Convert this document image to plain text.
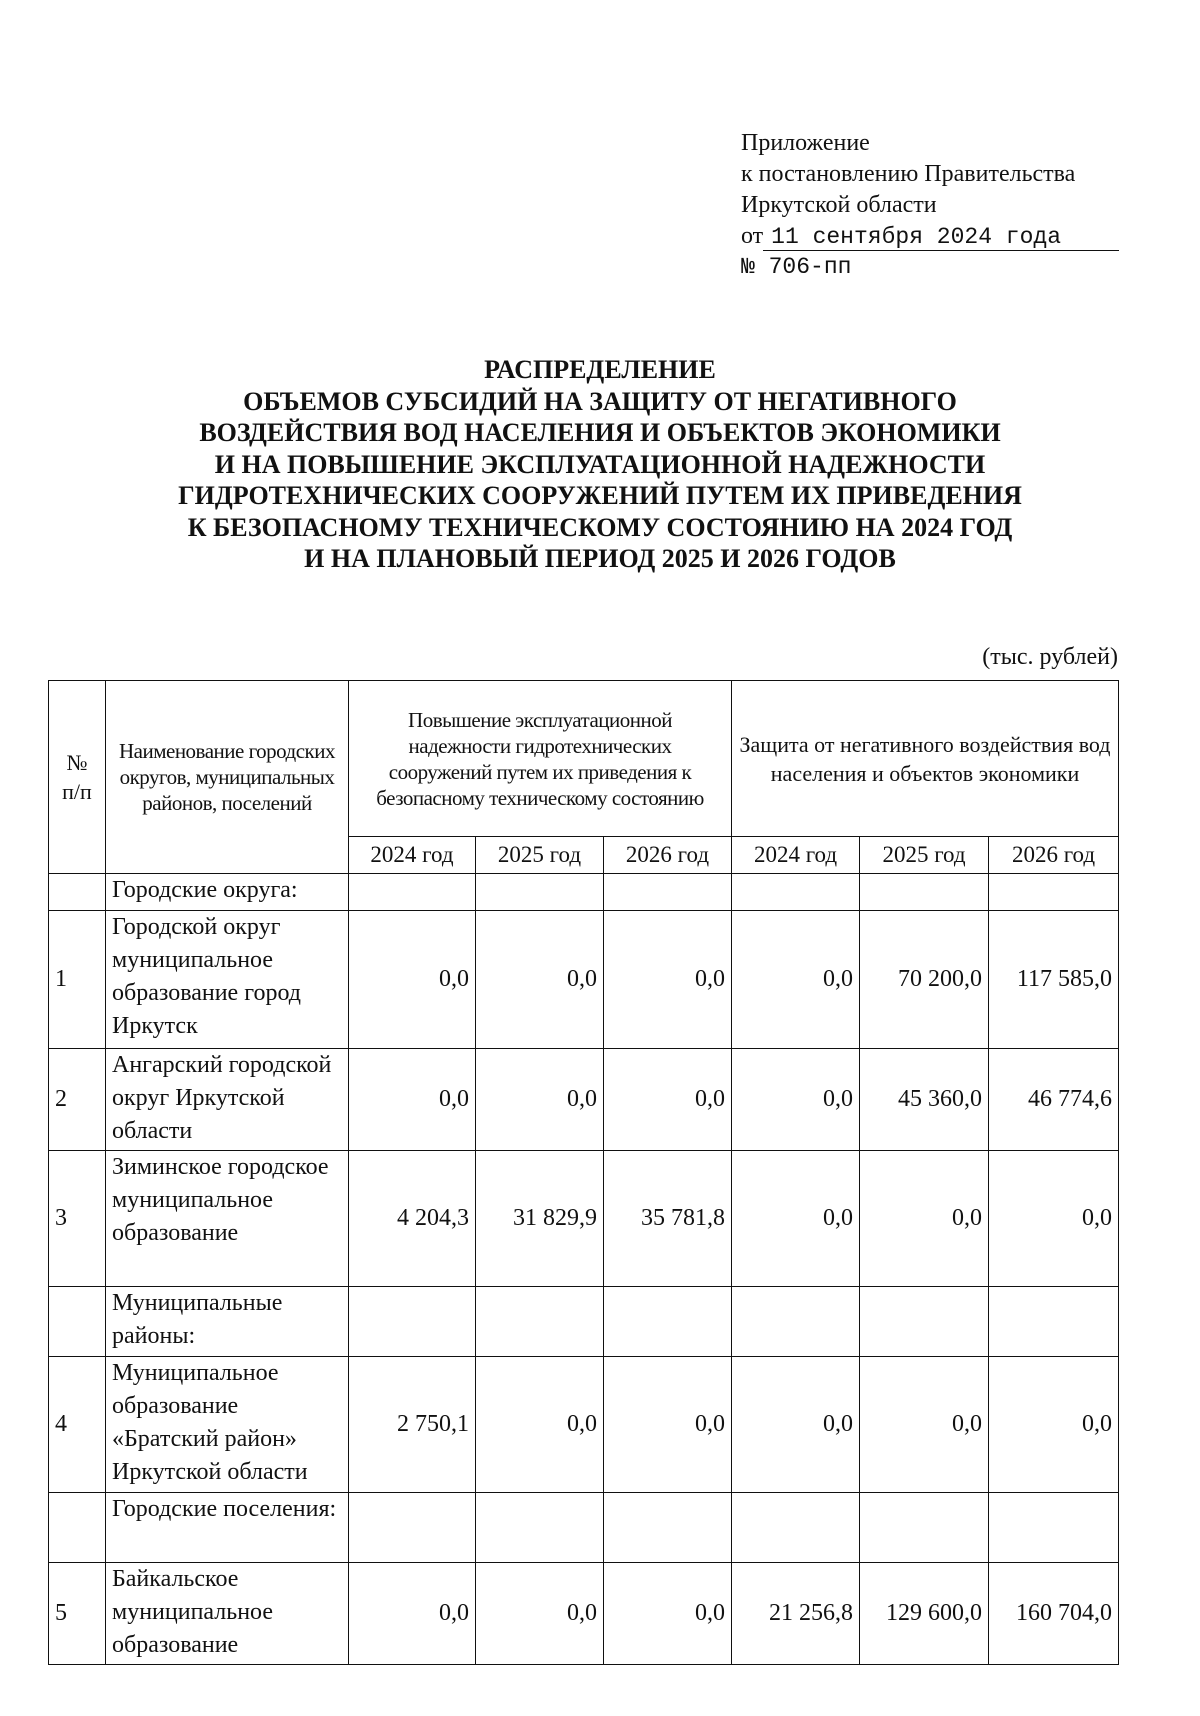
Приложение
к постановлению Правительства
Иркутской области
от 11 сентября 2024 года
№ 706-пп
РАСПРЕДЕЛЕНИЕ
ОБЪЕМОВ СУБСИДИЙ НА ЗАЩИТУ ОТ НЕГАТИВНОГО
ВОЗДЕЙСТВИЯ ВОД НАСЕЛЕНИЯ И ОБЪЕКТОВ ЭКОНОМИКИ
И НА ПОВЫШЕНИЕ ЭКСПЛУАТАЦИОННОЙ НАДЕЖНОСТИ
ГИДРОТЕХНИЧЕСКИХ СООРУЖЕНИЙ ПУТЕМ ИХ ПРИВЕДЕНИЯ
К БЕЗОПАСНОМУ ТЕХНИЧЕСКОМУ СОСТОЯНИЮ НА 2024 ГОД
И НА ПЛАНОВЫЙ ПЕРИОД 2025 И 2026 ГОДОВ
(тыс. рублей)
№ п/п	Наименование городских округов, муниципальных районов, поселений	Повышение эксплуатационной надежности гидротехнических сооружений путем их приведения к безопасному техническому состоянию			Защита от негативного воздействия вод населения и объектов экономики		
		2024 год	2025 год	2026 год	2024 год	2025 год	2026 год
	Городские округа:						
1	Городской округ муниципальное образование город Иркутск	0,0	0,0	0,0	0,0	70 200,0	117 585,0
2	Ангарский городской округ Иркутской области	0,0	0,0	0,0	0,0	45 360,0	46 774,6
3	Зиминское городское муниципальное образование	4 204,3	31 829,9	35 781,8	0,0	0,0	0,0
	Муниципальные районы:						
4	Муниципальное образование «Братский район» Иркутской области	2 750,1	0,0	0,0	0,0	0,0	0,0
	Городские поселения:						
5	Байкальское муниципальное образование	0,0	0,0	0,0	21 256,8	129 600,0	160 704,0
